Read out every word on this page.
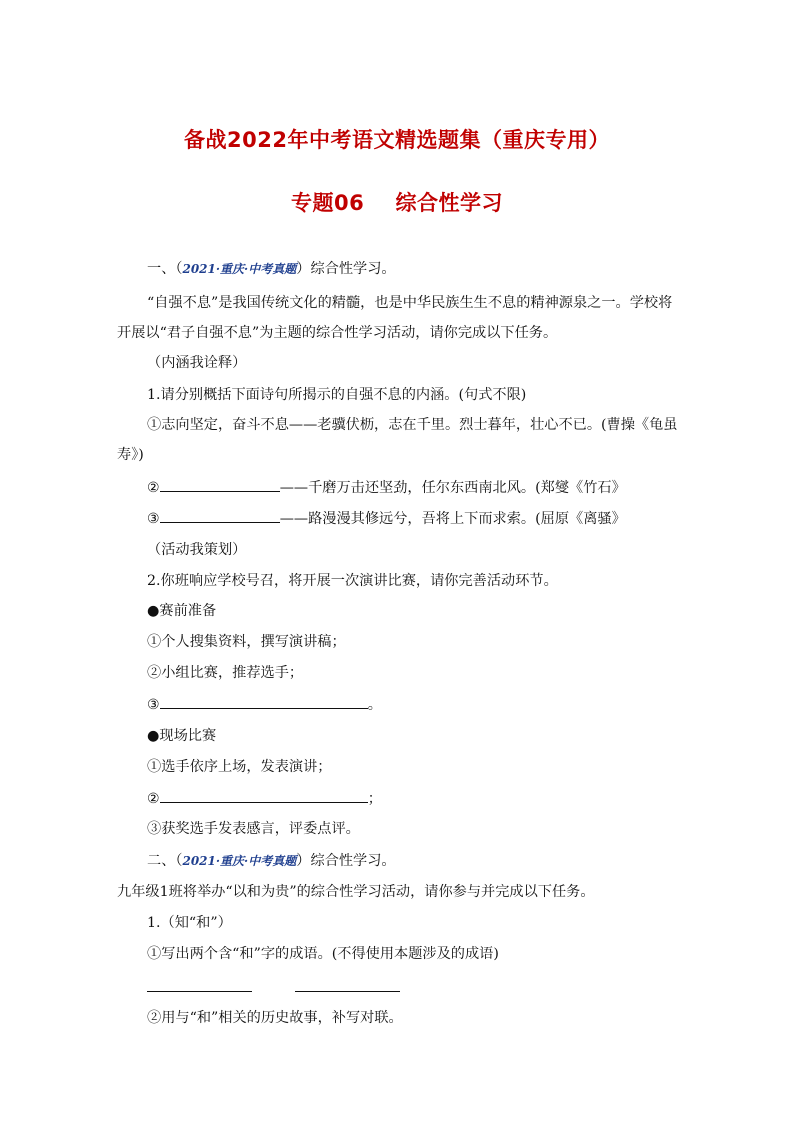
备战2022年中考语文精选题集（重庆专用）
专题06    综合性学习
一、（2021·重庆·中考真题）综合性学习。
“自强不息”是我国传统文化的精髓，也是中华民族生生不息的精神源泉之一。学校将
开展以“君子自强不息”为主题的综合性学习活动，请你完成以下任务。
（内涵我诠释）
1.请分别概括下面诗句所揭示的自强不息的内涵。(句式不限)
①志向坚定，奋斗不息——老骥伏枥，志在千里。烈士暮年，壮心不已。(曹操《龟虽
寿》)
②	——千磨万击还坚劲，任尔东西南北风。(郑燮《竹石》
③	——路漫漫其修远兮，吾将上下而求索。(屈原《离骚》
（活动我策划）
2.你班响应学校号召，将开展一次演讲比赛，请你完善活动环节。
●赛前准备
①个人搜集资料，撰写演讲稿；
②小组比赛，推荐选手；
③	。
●现场比赛
①选手依序上场，发表演讲；
②	；
③获奖选手发表感言，评委点评。
二、（2021·重庆·中考真题）综合性学习。
九年级1班将举办“以和为贵”的综合性学习活动，请你参与并完成以下任务。
1.（知“和”）
①写出两个含“和”字的成语。(不得使用本题涉及的成语)
②用与“和”相关的历史故事，补写对联。
